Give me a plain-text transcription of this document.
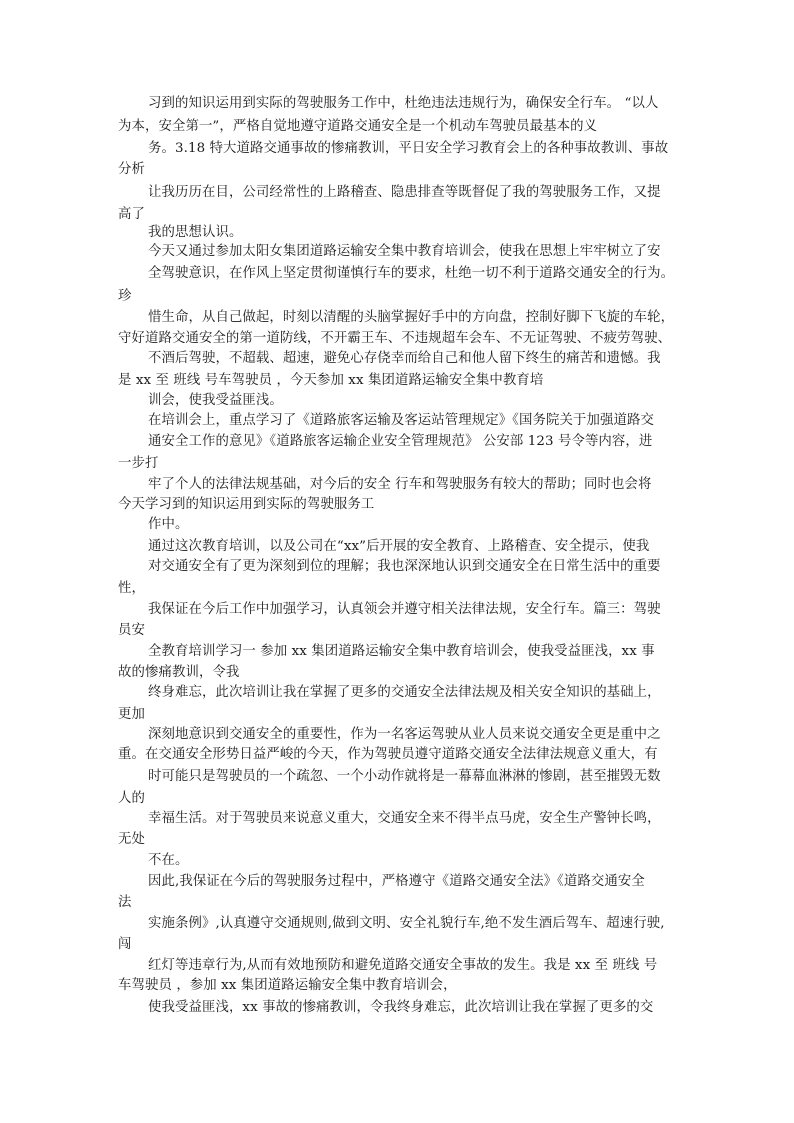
习到的知识运用到实际的驾驶服务工作中，杜绝违法违规行为，确保安全行车。 “以人
为本，安全第一”，严格自觉地遵守道路交通安全是一个机动车驾驶员最基本的义
务。3.18 特大道路交通事故的惨痛教训，平日安全学习教育会上的各种事故教训、事故
分析
让我历历在目，公司经常性的上路稽查、隐患排查等既督促了我的驾驶服务工作，又提
高了
我的思想认识。
今天又通过参加太阳女集团道路运输安全集中教育培训会，使我在思想上牢牢树立了安
全驾驶意识，在作风上坚定贯彻谨慎行车的要求，杜绝一切不利于道路交通安全的行为。
珍
惜生命，从自己做起，时刻以清醒的头脑掌握好手中的方向盘，控制好脚下飞旋的车轮，
守好道路交通安全的第一道防线，不开霸王车、不违规超车会车、不无证驾驶、不疲劳驾驶、
不酒后驾驶，不超载、超速，避免心存侥幸而给自己和他人留下终生的痛苦和遗憾。我
是 xx 至 班线 号车驾驶员 ，今天参加 xx 集团道路运输安全集中教育培
训会，使我受益匪浅。
在培训会上，重点学习了《道路旅客运输及客运站管理规定》《国务院关于加强道路交
通安全工作的意见》《道路旅客运输企业安全管理规范》 公安部 123 号令等内容，进
一步打
牢了个人的法律法规基础，对今后的安全 行车和驾驶服务有较大的帮助；同时也会将
今天学习到的知识运用到实际的驾驶服务工
作中。
通过这次教育培训，以及公司在“xx”后开展的安全教育、上路稽查、安全提示，使我
对交通安全有了更为深刻到位的理解；我也深深地认识到交通安全在日常生活中的重要
性，
我保证在今后工作中加强学习，认真领会并遵守相关法律法规，安全行车。篇三：驾驶
员安
全教育培训学习一 参加 xx 集团道路运输安全集中教育培训会，使我受益匪浅，xx 事
故的惨痛教训，令我
终身难忘，此次培训让我在掌握了更多的交通安全法律法规及相关安全知识的基础上，
更加
深刻地意识到交通安全的重要性，作为一名客运驾驶从业人员来说交通安全更是重中之
重。在交通安全形势日益严峻的今天，作为驾驶员遵守道路交通安全法律法规意义重大，有
时可能只是驾驶员的一个疏忽、一个小动作就将是一幕幕血淋淋的惨剧，甚至摧毁无数
人的
幸福生活。对于驾驶员来说意义重大，交通安全来不得半点马虎，安全生产警钟长鸣，
无处
不在。
因此,我保证在今后的驾驶服务过程中，严格遵守《道路交通安全法》《道路交通安全
法
实施条例》,认真遵守交通规则,做到文明、安全礼貌行车,绝不发生酒后驾车、超速行驶,
闯
红灯等违章行为,从而有效地预防和避免道路交通安全事故的发生。我是 xx 至 班线 号
车驾驶员 ，参加 xx 集团道路运输安全集中教育培训会，
使我受益匪浅，xx 事故的惨痛教训，令我终身难忘，此次培训让我在掌握了更多的交
